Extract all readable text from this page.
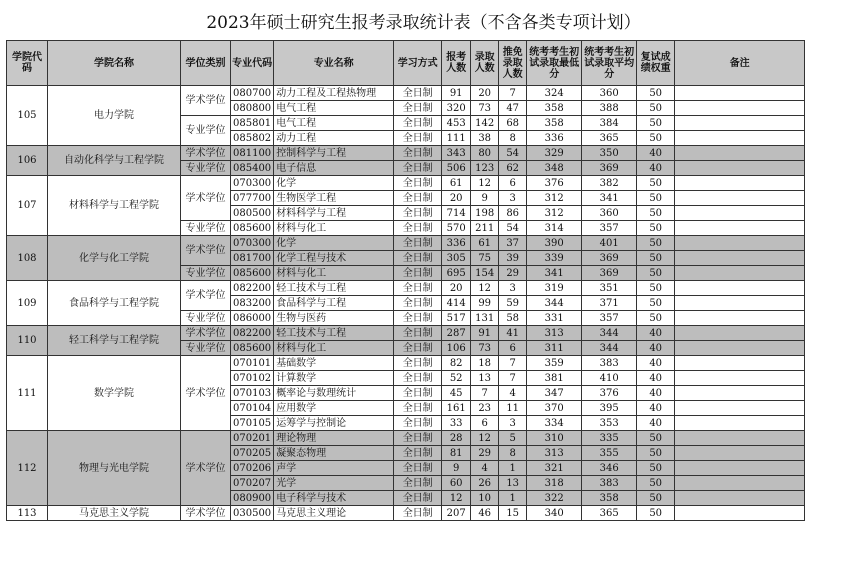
2023年硕士研究生报考录取统计表（不含各类专项计划）
学院代码	学院名称	学位类别	专业代码	专业名称	学习方式	报考人数	录取人数	推免录取人数	统考考生初试录取最低分	统考考生初试录取平均分	复试成绩权重	备注
105	电力学院	学术学位	080700	动力工程及工程热物理	全日制	91	20	7	324	360	50	
			080800	电气工程	全日制	320	73	47	358	388	50	
		专业学位	085801	电气工程	全日制	453	142	68	358	384	50	
			085802	动力工程	全日制	111	38	8	336	365	50	
106	自动化科学与工程学院	学术学位	081100	控制科学与工程	全日制	343	80	54	329	350	40	
		专业学位	085400	电子信息	全日制	506	123	62	348	369	40	
107	材料科学与工程学院	学术学位	070300	化学	全日制	61	12	6	376	382	50	
			077700	生物医学工程	全日制	20	9	3	312	341	50	
			080500	材料科学与工程	全日制	714	198	86	312	360	50	
		专业学位	085600	材料与化工	全日制	570	211	54	314	357	50	
108	化学与化工学院	学术学位	070300	化学	全日制	336	61	37	390	401	50	
			081700	化学工程与技术	全日制	305	75	39	339	369	50	
		专业学位	085600	材料与化工	全日制	695	154	29	341	369	50	
109	食品科学与工程学院	学术学位	082200	轻工技术与工程	全日制	20	12	3	319	351	50	
			083200	食品科学与工程	全日制	414	99	59	344	371	50	
		专业学位	086000	生物与医药	全日制	517	131	58	331	357	50	
110	轻工科学与工程学院	学术学位	082200	轻工技术与工程	全日制	287	91	41	313	344	40	
		专业学位	085600	材料与化工	全日制	106	73	6	311	344	40	
111	数学学院	学术学位	070101	基础数学	全日制	82	18	7	359	383	40	
			070102	计算数学	全日制	52	13	7	381	410	40	
			070103	概率论与数理统计	全日制	45	7	4	347	376	40	
			070104	应用数学	全日制	161	23	11	370	395	40	
			070105	运筹学与控制论	全日制	33	6	3	334	353	40	
112	物理与光电学院	学术学位	070201	理论物理	全日制	28	12	5	310	335	50	
			070205	凝聚态物理	全日制	81	29	8	313	355	50	
			070206	声学	全日制	9	4	1	321	346	50	
			070207	光学	全日制	60	26	13	318	383	50	
			080900	电子科学与技术	全日制	12	10	1	322	358	50	
113	马克思主义学院	学术学位	030500	马克思主义理论	全日制	207	46	15	340	365	50	
